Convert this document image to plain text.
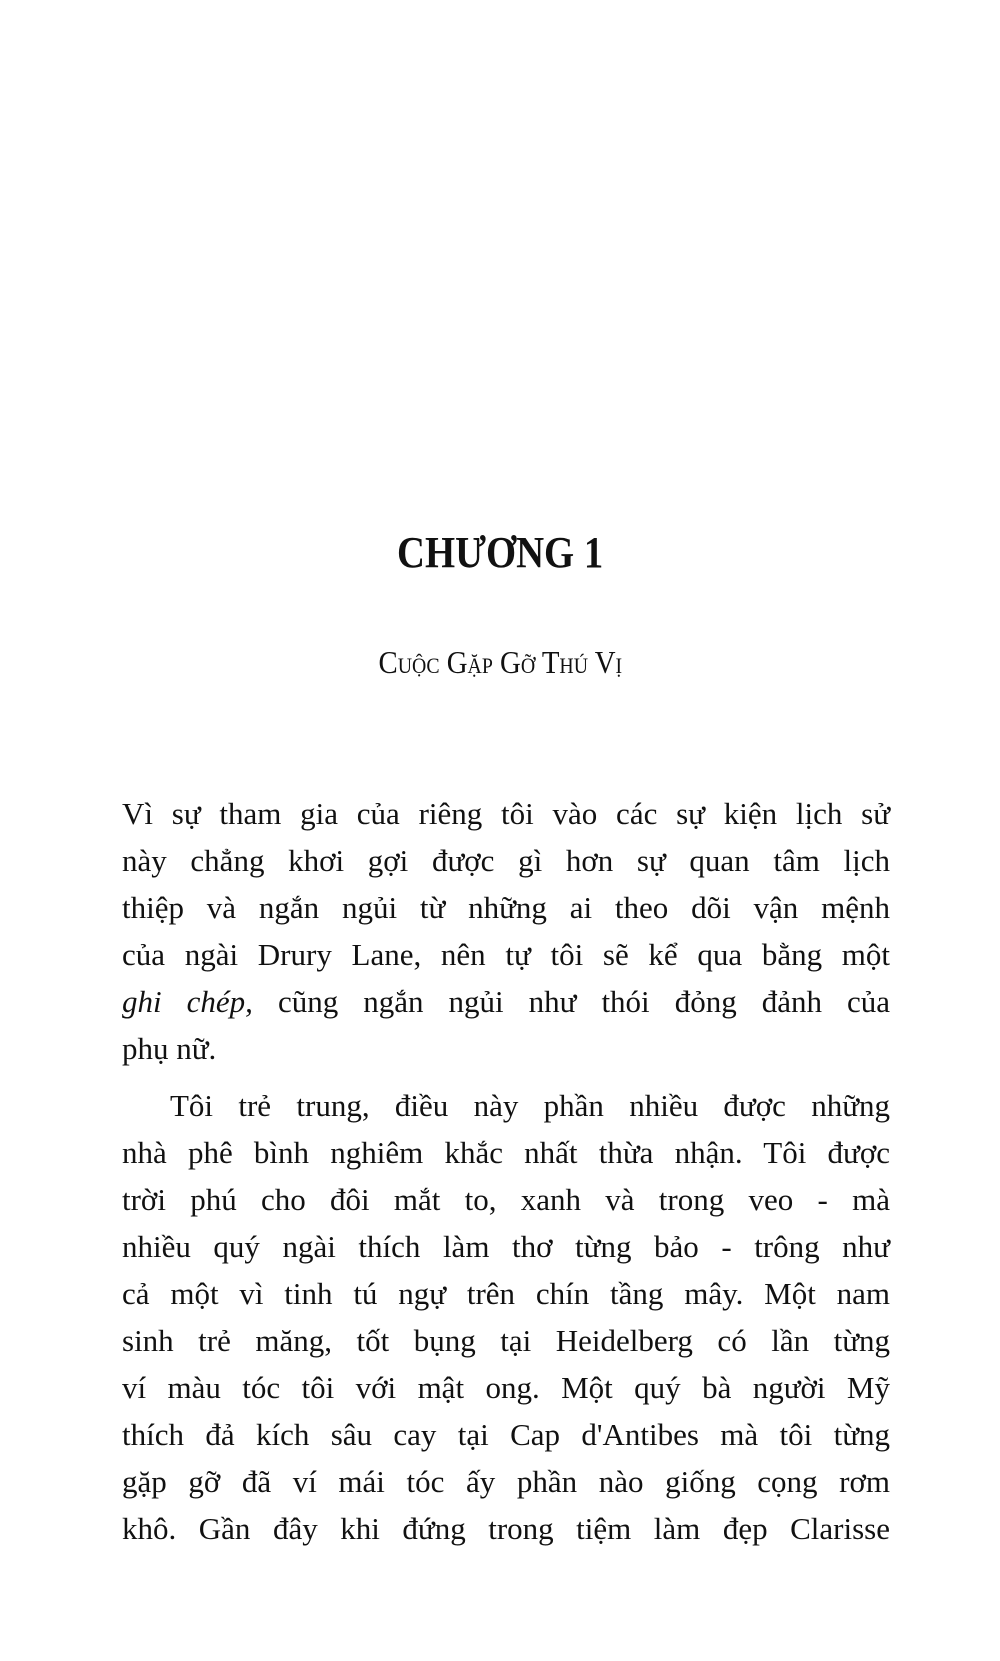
CHƯƠNG 1
Cuộc Gặp Gỡ Thú Vị
Vì sự tham gia của riêng tôi vào các sự kiện lịch sử
này chẳng khơi gợi được gì hơn sự quan tâm lịch
thiệp và ngắn ngủi từ những ai theo dõi vận mệnh
của ngài Drury Lane, nên tự tôi sẽ kể qua bằng một
ghi chép, cũng ngắn ngủi như thói đỏng đảnh của
phụ nữ.
Tôi trẻ trung, điều này phần nhiều được những
nhà phê bình nghiêm khắc nhất thừa nhận. Tôi được
trời phú cho đôi mắt to, xanh và trong veo - mà
nhiều quý ngài thích làm thơ từng bảo - trông như
cả một vì tinh tú ngự trên chín tầng mây. Một nam
sinh trẻ măng, tốt bụng tại Heidelberg có lần từng
ví màu tóc tôi với mật ong. Một quý bà người Mỹ
thích đả kích sâu cay tại Cap d'Antibes mà tôi từng
gặp gỡ đã ví mái tóc ấy phần nào giống cọng rơm
khô. Gần đây khi đứng trong tiệm làm đẹp Clarisse
